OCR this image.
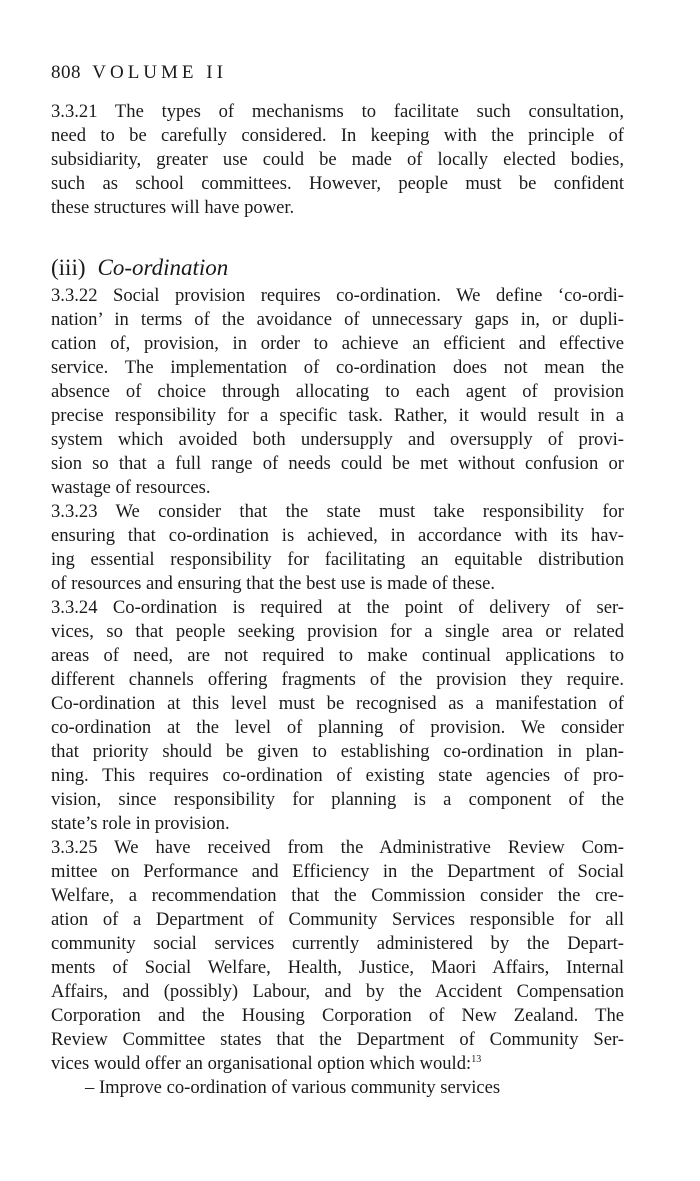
808 VOLUME II
3.3.21 The types of mechanisms to facilitate such consultation,
need to be carefully considered. In keeping with the principle of
subsidiarity, greater use could be made of locally elected bodies,
such as school committees. However, people must be confident
these structures will have power.
(iii) Co-ordination
3.3.22 Social provision requires co-ordination. We define ‘co-ordi-
nation’ in terms of the avoidance of unnecessary gaps in, or dupli-
cation of, provision, in order to achieve an efficient and effective
service. The implementation of co-ordination does not mean the
absence of choice through allocating to each agent of provision
precise responsibility for a specific task. Rather, it would result in a
system which avoided both undersupply and oversupply of provi-
sion so that a full range of needs could be met without confusion or
wastage of resources.
3.3.23 We consider that the state must take responsibility for
ensuring that co-ordination is achieved, in accordance with its hav-
ing essential responsibility for facilitating an equitable distribution
of resources and ensuring that the best use is made of these.
3.3.24 Co-ordination is required at the point of delivery of ser-
vices, so that people seeking provision for a single area or related
areas of need, are not required to make continual applications to
different channels offering fragments of the provision they require.
Co-ordination at this level must be recognised as a manifestation of
co-ordination at the level of planning of provision. We consider
that priority should be given to establishing co-ordination in plan-
ning. This requires co-ordination of existing state agencies of pro-
vision, since responsibility for planning is a component of the
state’s role in provision.
3.3.25 We have received from the Administrative Review Com-
mittee on Performance and Efficiency in the Department of Social
Welfare, a recommendation that the Commission consider the cre-
ation of a Department of Community Services responsible for all
community social services currently administered by the Depart-
ments of Social Welfare, Health, Justice, Maori Affairs, Internal
Affairs, and (possibly) Labour, and by the Accident Compensation
Corporation and the Housing Corporation of New Zealand. The
Review Committee states that the Department of Community Ser-
vices would offer an organisational option which would:$^{13}$
– Improve co-ordination of various community services
